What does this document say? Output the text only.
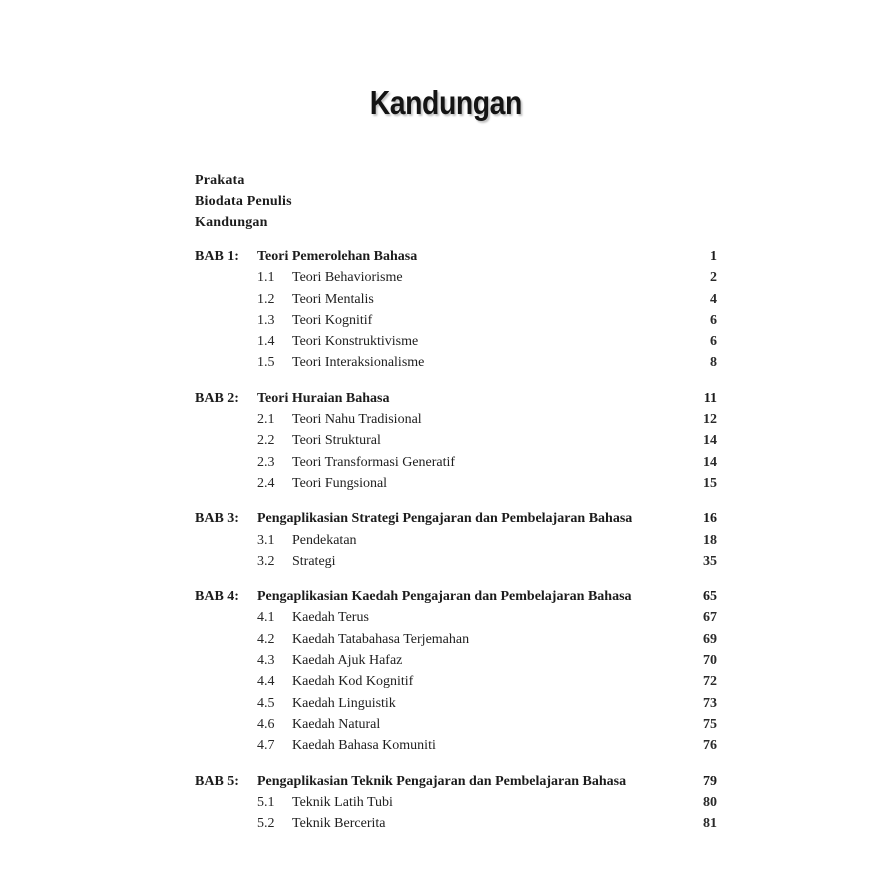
Kandungan
Prakata
Biodata Penulis
Kandungan
BAB 1: Teori Pemerolehan Bahasa	1
1.1 Teori Behaviorisme	2
1.2 Teori Mentalis	4
1.3 Teori Kognitif	6
1.4 Teori Konstruktivisme	6
1.5 Teori Interaksionalisme	8
BAB 2: Teori Huraian Bahasa	11
2.1 Teori Nahu Tradisional	12
2.2 Teori Struktural	14
2.3 Teori Transformasi Generatif	14
2.4 Teori Fungsional	15
BAB 3: Pengaplikasian Strategi Pengajaran dan Pembelajaran Bahasa	16
3.1 Pendekatan	18
3.2 Strategi	35
BAB 4: Pengaplikasian Kaedah Pengajaran dan Pembelajaran Bahasa	65
4.1 Kaedah Terus	67
4.2 Kaedah Tatabahasa Terjemahan	69
4.3 Kaedah Ajuk Hafaz	70
4.4 Kaedah Kod Kognitif	72
4.5 Kaedah Linguistik	73
4.6 Kaedah Natural	75
4.7 Kaedah Bahasa Komuniti	76
BAB 5: Pengaplikasian Teknik Pengajaran dan Pembelajaran Bahasa	79
5.1 Teknik Latih Tubi	80
5.2 Teknik Bercerita	81
